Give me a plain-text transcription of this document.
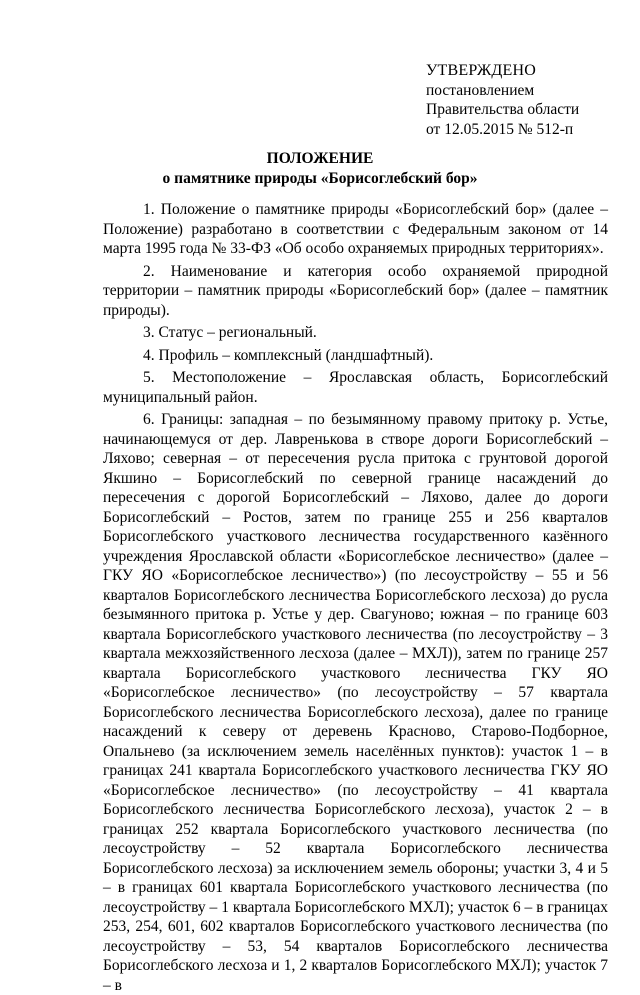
УТВЕРЖДЕНО
постановлением
Правительства области
от 12.05.2015 № 512-п
ПОЛОЖЕНИЕ
о памятнике природы «Борисоглебский бор»

1. Положение о памятнике природы «Борисоглебский бор» (далее – Положение) разработано в соответствии с Федеральным законом от 14 марта 1995 года № 33-ФЗ «Об особо охраняемых природных территориях».

2. Наименование и категория особо охраняемой природной территории – памятник природы «Борисоглебский бор» (далее – памятник природы).

3. Статус – региональный.

4. Профиль – комплексный (ландшафтный).

5. Местоположение – Ярославская область, Борисоглебский муниципальный район.

6. Границы: западная – по безымянному правому притоку р. Устье, начинающемуся от дер. Лавренькова в створе дороги Борисоглебский – Ляхово; северная – от пересечения русла притока с грунтовой дорогой Якшино – Борисоглебский по северной границе насаждений до пересечения с дорогой Борисоглебский – Ляхово, далее до дороги Борисоглебский – Ростов, затем по границе 255 и 256 кварталов Борисоглебского участкового лесничества государственного казённого учреждения Ярославской области «Борисоглебское лесничество» (далее – ГКУ ЯО «Борисоглебское лесничество») (по лесоустройству – 55 и 56 кварталов Борисоглебского лесничества Борисоглебского лесхоза) до русла безымянного притока р. Устье у дер. Свагуново; южная – по границе 603 квартала Борисоглебского участкового лесничества (по лесоустройству – 3 квартала межхозяйственного лесхоза (далее – МХЛ)), затем по границе 257 квартала Борисоглебского участкового лесничества ГКУ ЯО «Борисоглебское лесничество» (по лесоустройству – 57 квартала Борисоглебского лесничества Борисоглебского лесхоза), далее по границе насаждений к северу от деревень Красново, Старово-Подборное, Опальнево (за исключением земель населённых пунктов): участок 1 – в границах 241 квартала Борисоглебского участкового лесничества ГКУ ЯО «Борисоглебское лесничество» (по лесоустройству – 41 квартала Борисоглебского лесничества Борисоглебского лесхоза), участок 2 – в границах 252 квартала Борисоглебского участкового лесничества (по лесоустройству – 52 квартала Борисоглебского лесничества Борисоглебского лесхоза) за исключением земель обороны; участки 3, 4 и 5 – в границах 601 квартала Борисоглебского участкового лесничества (по лесоустройству – 1 квартала Борисоглебского МХЛ); участок 6 – в границах 253, 254, 601, 602 кварталов Борисоглебского участкового лесничества (по лесоустройству – 53, 54 кварталов Борисоглебского лесничества Борисоглебского лесхоза и 1, 2 кварталов Борисоглебского МХЛ); участок 7 – в
